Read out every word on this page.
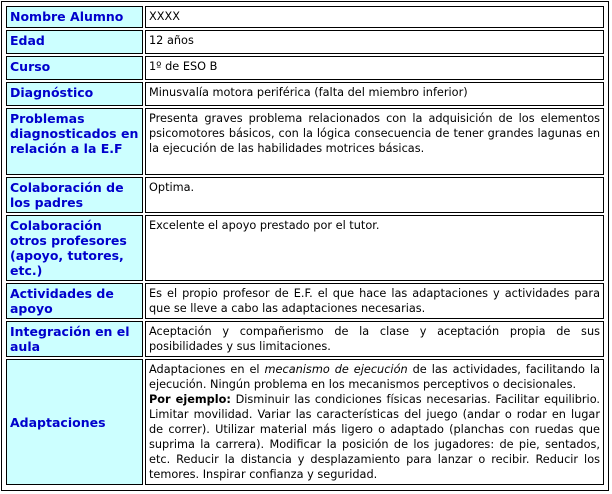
Nombre Alumno	XXXX
Edad	12 años
Curso	1º de ESO B
Diagnóstico	Minusvalía motora periférica (falta del miembro inferior)
Problemas diagnosticados en relación a la E.F	Presenta graves problema relacionados con la adquisición de los elementos psicomotores básicos, con la lógica consecuencia de tener grandes lagunas en la ejecución de las habilidades motrices básicas.
Colaboración de los padres	Optima.
Colaboración otros profesores (apoyo, tutores, etc.)	Excelente el apoyo prestado por el tutor.
Actividades de apoyo	Es el propio profesor de E.F. el que hace las adaptaciones y actividades para que se lleve a cabo las adaptaciones necesarias.
Integración en el aula	Aceptación y compañerismo de la clase y aceptación propia de sus posibilidades y sus limitaciones.
Adaptaciones	Adaptaciones en el mecanismo de ejecución de las actividades, facilitando la ejecución. Ningún problema en los mecanismos perceptivos o decisionales.
Por ejemplo: Disminuir las condiciones físicas necesarias. Facilitar equilibrio. Limitar movilidad. Variar las características del juego (andar o rodar en lugar de correr). Utilizar material más ligero o adaptado (planchas con ruedas que suprima la carrera). Modificar la posición de los jugadores: de pie, sentados, etc. Reducir la distancia y desplazamiento para lanzar o recibir. Reducir los temores. Inspirar confianza y seguridad.
